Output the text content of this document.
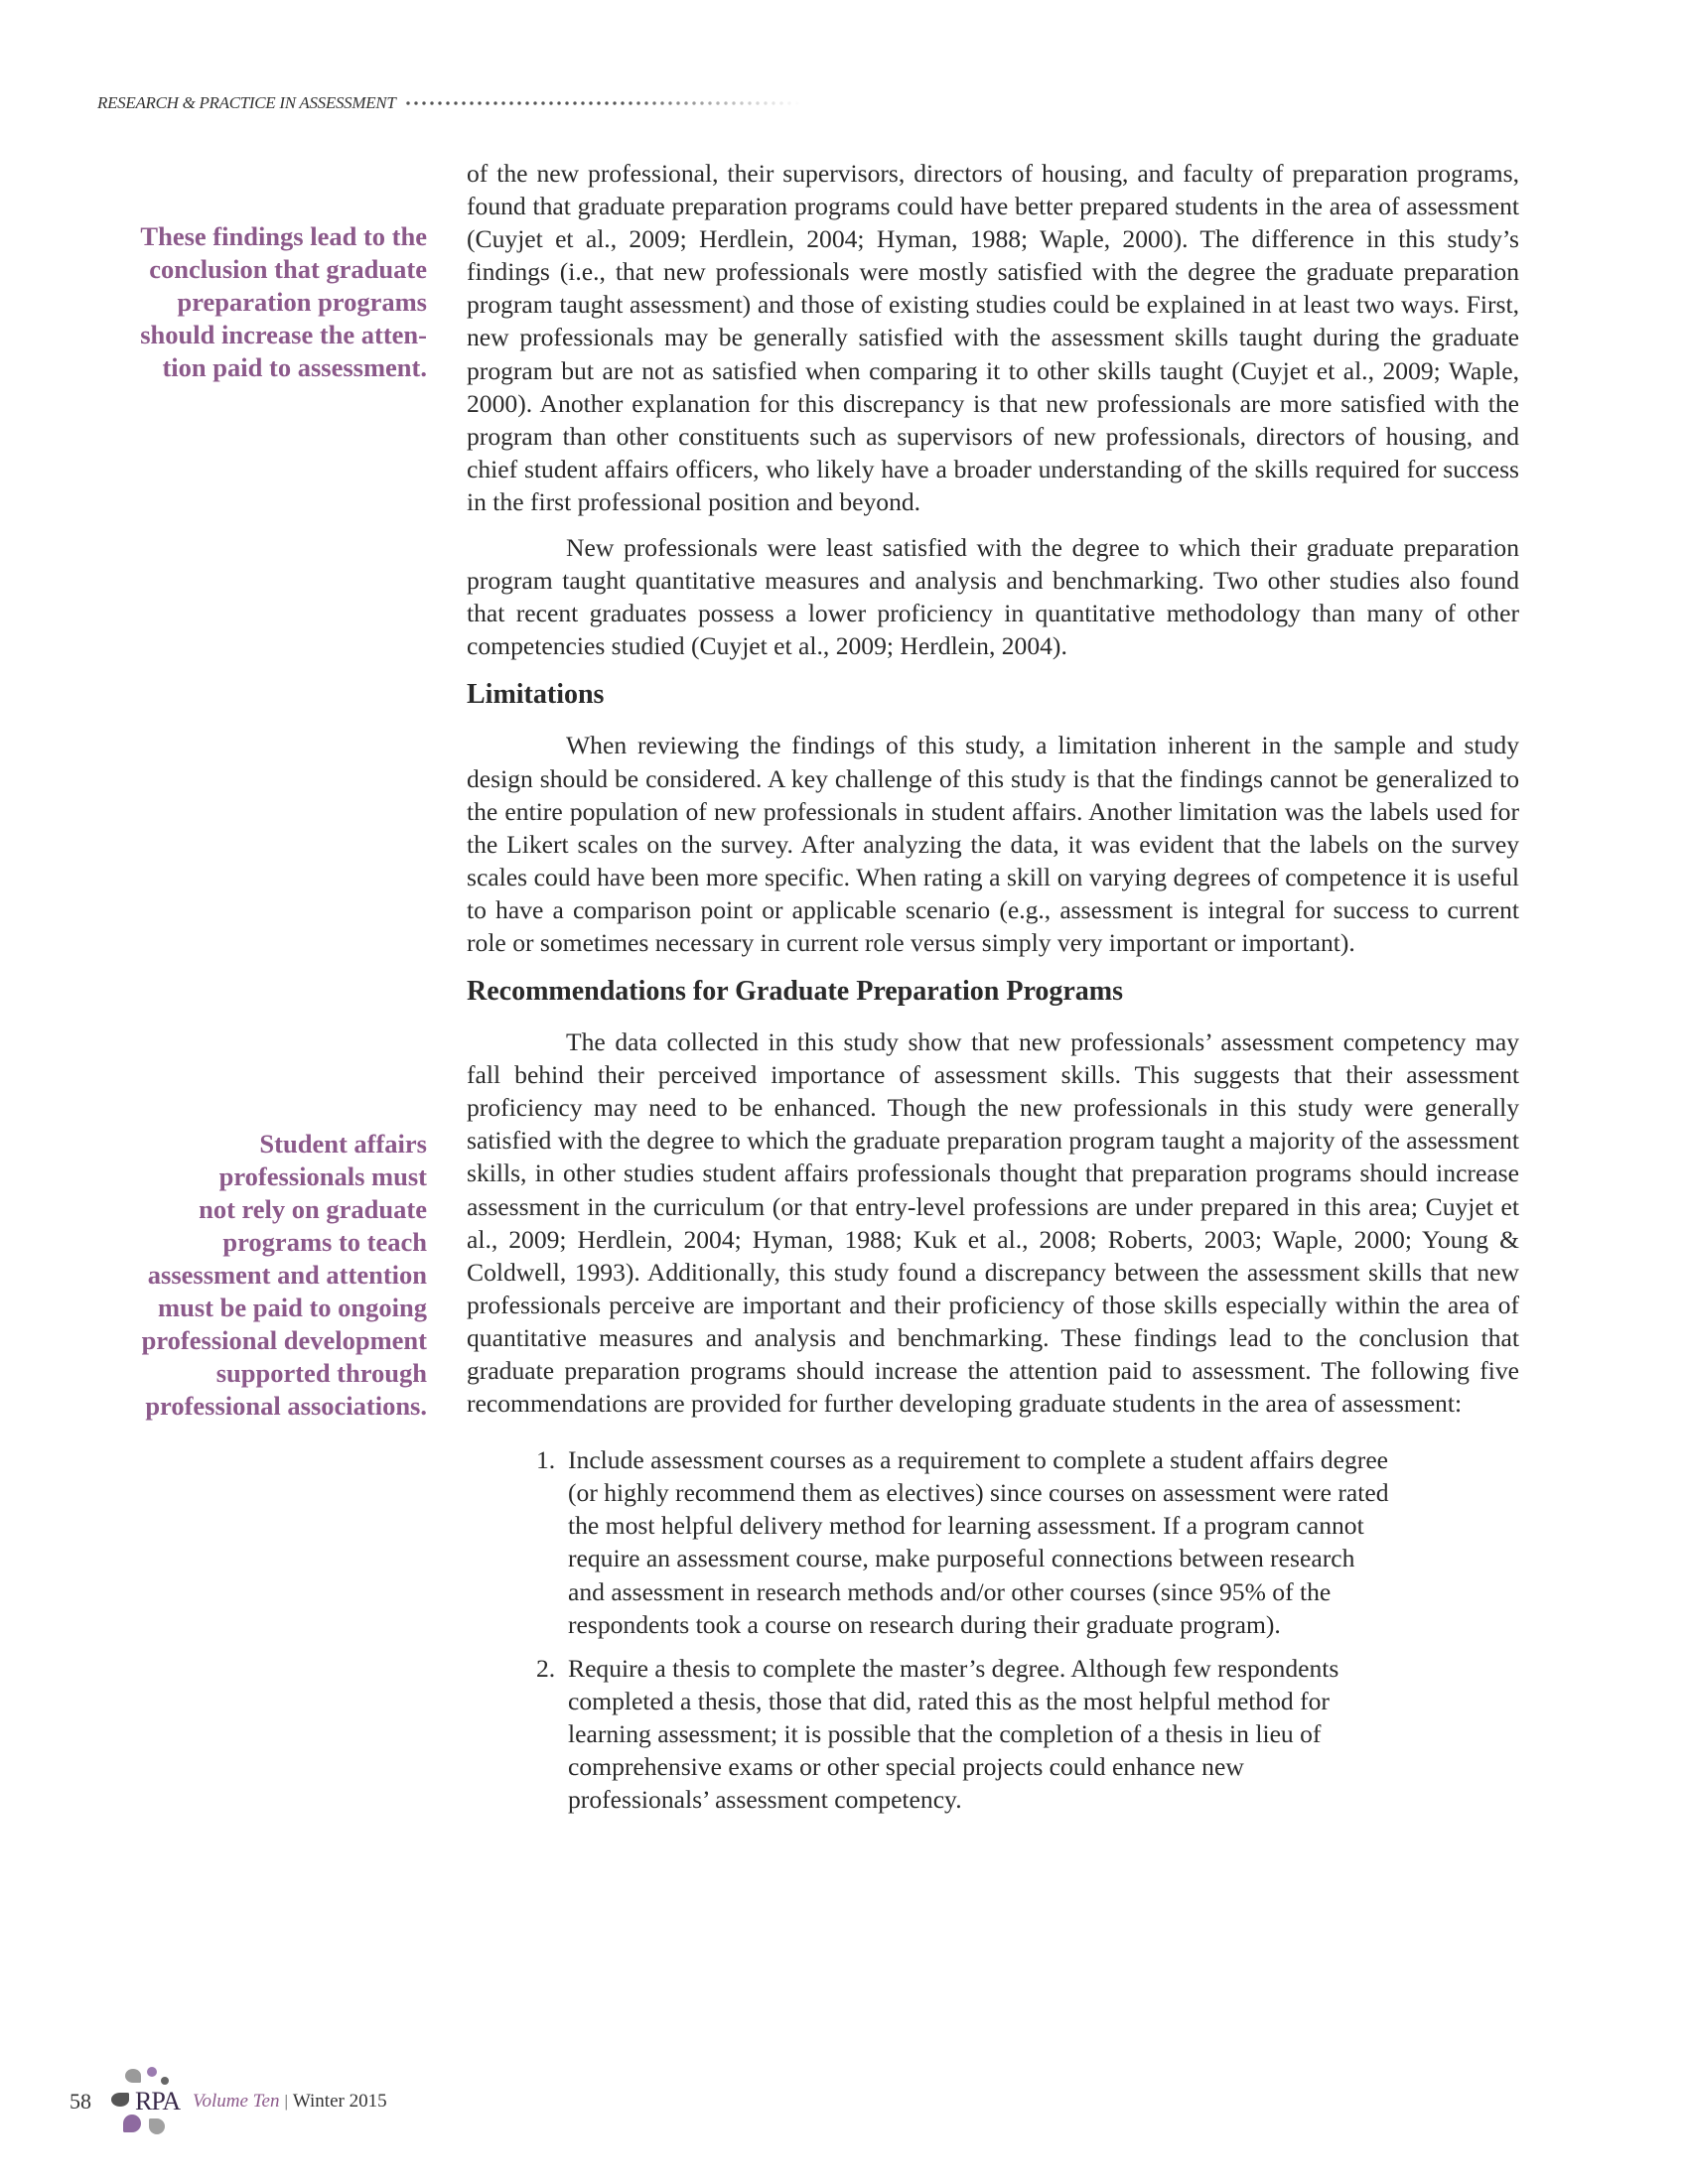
RESEARCH & PRACTICE IN ASSESSMENT

These findings lead to the
conclusion that graduate
preparation programs
should increase the atten-
tion paid to assessment.

Student affairs
professionals must
not rely on graduate
programs to teach
assessment and attention
must be paid to ongoing
professional development
supported through
professional associations.

of the new professional, their supervisors, directors of housing, and faculty of preparation programs, found that graduate preparation programs could have better prepared students in the area of assessment (Cuyjet et al., 2009; Herdlein, 2004; Hyman, 1988; Waple, 2000). The difference in this study’s findings (i.e., that new professionals were mostly satisfied with the degree the graduate preparation program taught assessment) and those of existing studies could be explained in at least two ways. First, new professionals may be generally satisfied with the assessment skills taught during the graduate program but are not as satisfied when comparing it to other skills taught (Cuyjet et al., 2009; Waple, 2000). Another explanation for this discrepancy is that new professionals are more satisfied with the program than other constituents such as supervisors of new professionals, directors of housing, and chief student affairs officers, who likely have a broader understanding of the skills required for success in the first professional position and beyond.

New professionals were least satisfied with the degree to which their graduate preparation program taught quantitative measures and analysis and benchmarking. Two other studies also found that recent graduates possess a lower proficiency in quantitative methodology than many of other competencies studied (Cuyjet et al., 2009; Herdlein, 2004).

Limitations

When reviewing the findings of this study, a limitation inherent in the sample and study design should be considered. A key challenge of this study is that the findings cannot be generalized to the entire population of new professionals in student affairs. Another limitation was the labels used for the Likert scales on the survey. After analyzing the data, it was evident that the labels on the survey scales could have been more specific. When rating a skill on varying degrees of competence it is useful to have a comparison point or applicable scenario (e.g., assessment is integral for success to current role or sometimes necessary in current role versus simply very important or important).

Recommendations for Graduate Preparation Programs

The data collected in this study show that new professionals’ assessment competency may fall behind their perceived importance of assessment skills. This suggests that their assessment proficiency may need to be enhanced. Though the new professionals in this study were generally satisfied with the degree to which the graduate preparation program taught a majority of the assessment skills, in other studies student affairs professionals thought that preparation programs should increase assessment in the curriculum (or that entry-level professions are under prepared in this area; Cuyjet et al., 2009; Herdlein, 2004; Hyman, 1988; Kuk et al., 2008; Roberts, 2003; Waple, 2000; Young & Coldwell, 1993). Additionally, this study found a discrepancy between the assessment skills that new professionals perceive are important and their proficiency of those skills especially within the area of quantitative measures and analysis and benchmarking. These findings lead to the conclusion that graduate preparation programs should increase the attention paid to assessment. The following five recommendations are provided for further developing graduate students in the area of assessment:

1. Include assessment courses as a requirement to complete a student affairs degree (or highly recommend them as electives) since courses on assessment were rated the most helpful delivery method for learning assessment. If a program cannot require an assessment course, make purposeful connections between research and assessment in research methods and/or other courses (since 95% of the respondents took a course on research during their graduate program).
2. Require a thesis to complete the master’s degree. Although few respondents completed a thesis, those that did, rated this as the most helpful method for learning assessment; it is possible that the completion of a thesis in lieu of comprehensive exams or other special projects could enhance new professionals’ assessment competency.
58 RPA Volume Ten | Winter 2015
